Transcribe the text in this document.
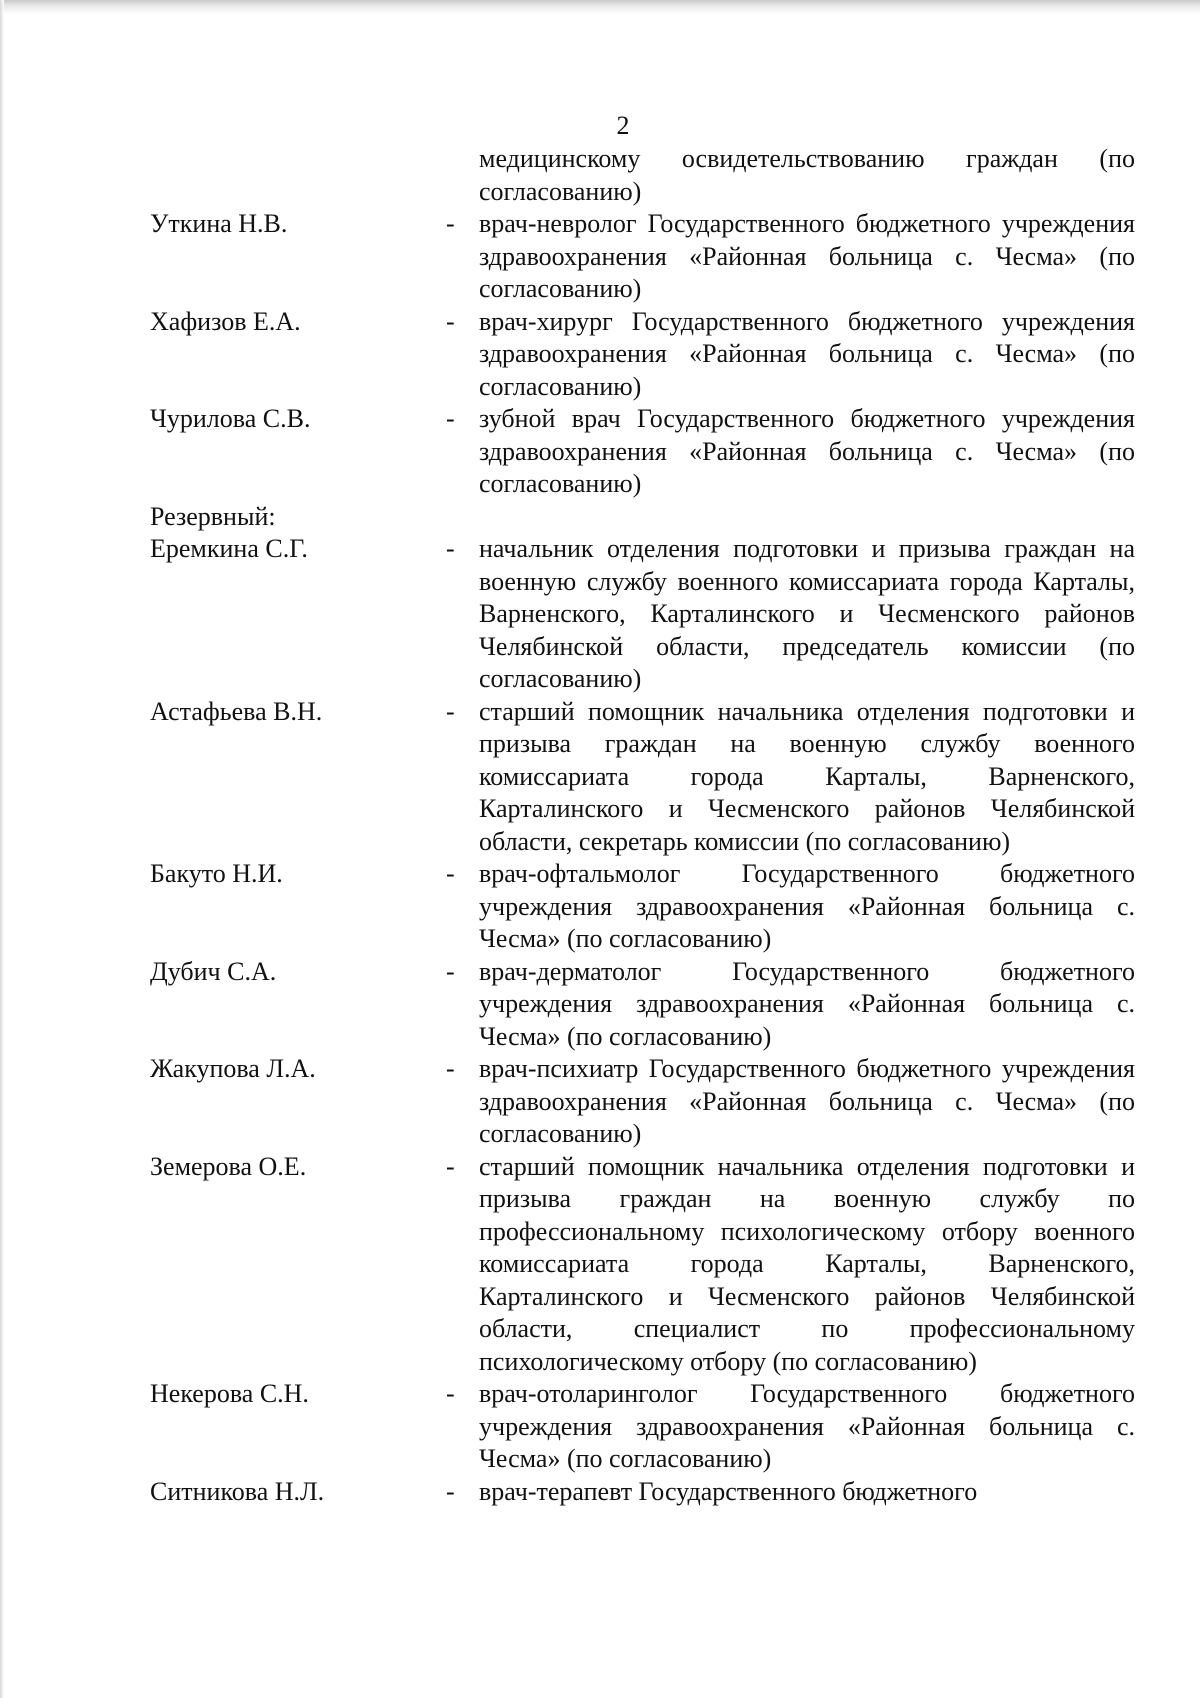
2
медицинскому освидетельствованию граждан (по согласованию)
Уткина Н.В.	- врач-невролог Государственного бюджетного учреждения здравоохранения «Районная больница с. Чесма» (по согласованию)
Хафизов Е.А.	- врач-хирург Государственного бюджетного учреждения здравоохранения «Районная больница с. Чесма» (по согласованию)
Чурилова С.В.	- зубной врач Государственного бюджетного учреждения здравоохранения «Районная больница с. Чесма» (по согласованию)
Резервный:
Еремкина С.Г.	- начальник отделения подготовки и призыва граждан на военную службу военного комиссариата города Карталы, Варненского, Карталинского и Чесменского районов Челябинской области, председатель комиссии (по согласованию)
Астафьева В.Н.	- старший помощник начальника отделения подготовки и призыва граждан на военную службу военного комиссариата города Карталы, Варненского, Карталинского и Чесменского районов Челябинской области, секретарь комиссии (по согласованию)
Бакуто Н.И.	- врач-офтальмолог Государственного бюджетного учреждения здравоохранения «Районная больница с. Чесма» (по согласованию)
Дубич С.А.	- врач-дерматолог Государственного бюджетного учреждения здравоохранения «Районная больница с. Чесма» (по согласованию)
Жакупова Л.А.	- врач-психиатр Государственного бюджетного учреждения здравоохранения «Районная больница с. Чесма» (по согласованию)
Земерова О.Е.	- старший помощник начальника отделения подготовки и призыва граждан на военную службу по профессиональному психологическому отбору военного комиссариата города Карталы, Варненского, Карталинского и Чесменского районов Челябинской области, специалист по профессиональному психологическому отбору (по согласованию)
Некерова С.Н.	- врач-отоларинголог Государственного бюджетного учреждения здравоохранения «Районная больница с. Чесма» (по согласованию)
Ситникова Н.Л.	- врач-терапевт Государственного бюджетного
